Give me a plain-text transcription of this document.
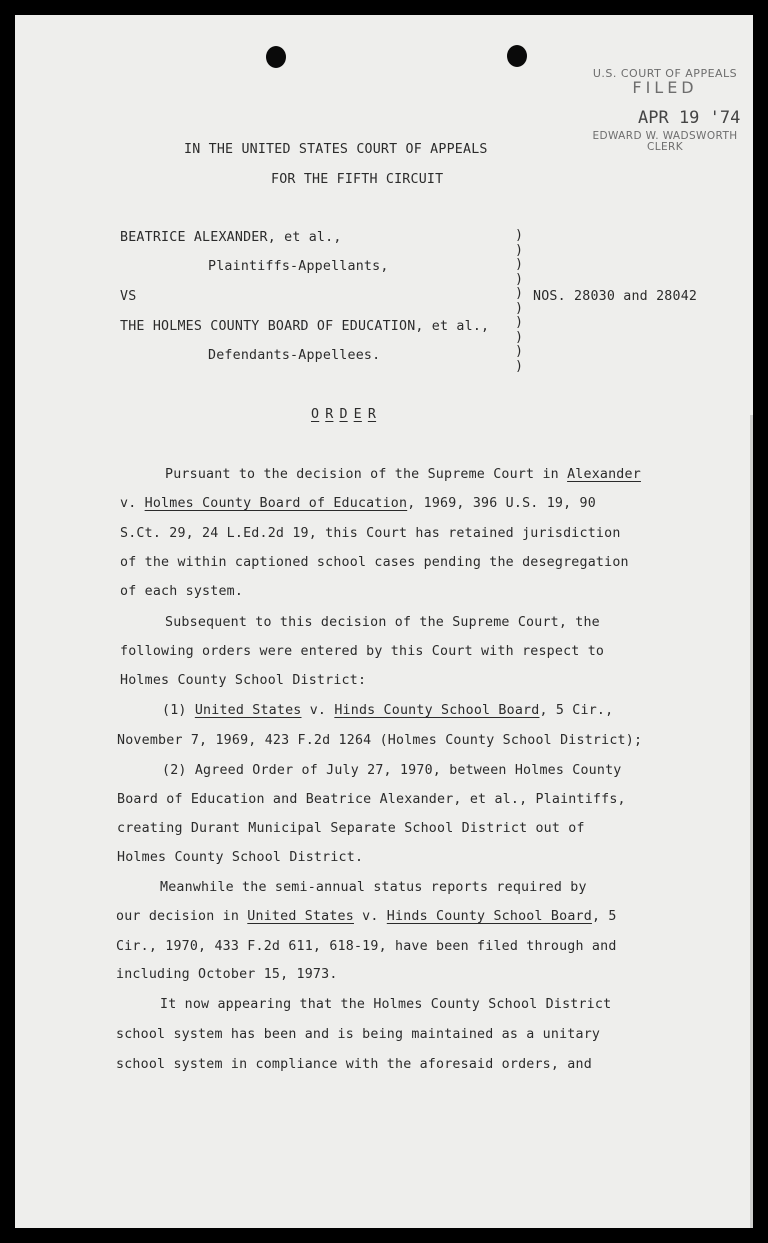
U.S. COURT OF APPEALS
FILED
APR 19 '74
EDWARD W. WADSWORTH
CLERK
IN THE UNITED STATES COURT OF APPEALS
FOR THE FIFTH CIRCUIT
BEATRICE ALEXANDER, et al.,
Plaintiffs-Appellants,
VS
THE HOLMES COUNTY BOARD OF EDUCATION, et al.,
Defendants-Appellees.
NOS. 28030 and 28042
)
)
)
)
)
)
)
)
)
)
O R D E R
Pursuant to the decision of the Supreme Court in Alexander
v. Holmes County Board of Education, 1969, 396 U.S. 19, 90
S.Ct. 29, 24 L.Ed.2d 19, this Court has retained jurisdiction
of the within captioned school cases pending the desegregation
of each system.
Subsequent to this decision of the Supreme Court, the
following orders were entered by this Court with respect to
Holmes County School District:
(1) United States v. Hinds County School Board, 5 Cir.,
November 7, 1969, 423 F.2d 1264 (Holmes County School District);
(2) Agreed Order of July 27, 1970, between Holmes County
Board of Education and Beatrice Alexander, et al., Plaintiffs,
creating Durant Municipal Separate School District out of
Holmes County School District.
Meanwhile the semi-annual status reports required by
our decision in United States v. Hinds County School Board, 5
Cir., 1970, 433 F.2d 611, 618-19, have been filed through and
including October 15, 1973.
It now appearing that the Holmes County School District
school system has been and is being maintained as a unitary
school system in compliance with the aforesaid orders, and
